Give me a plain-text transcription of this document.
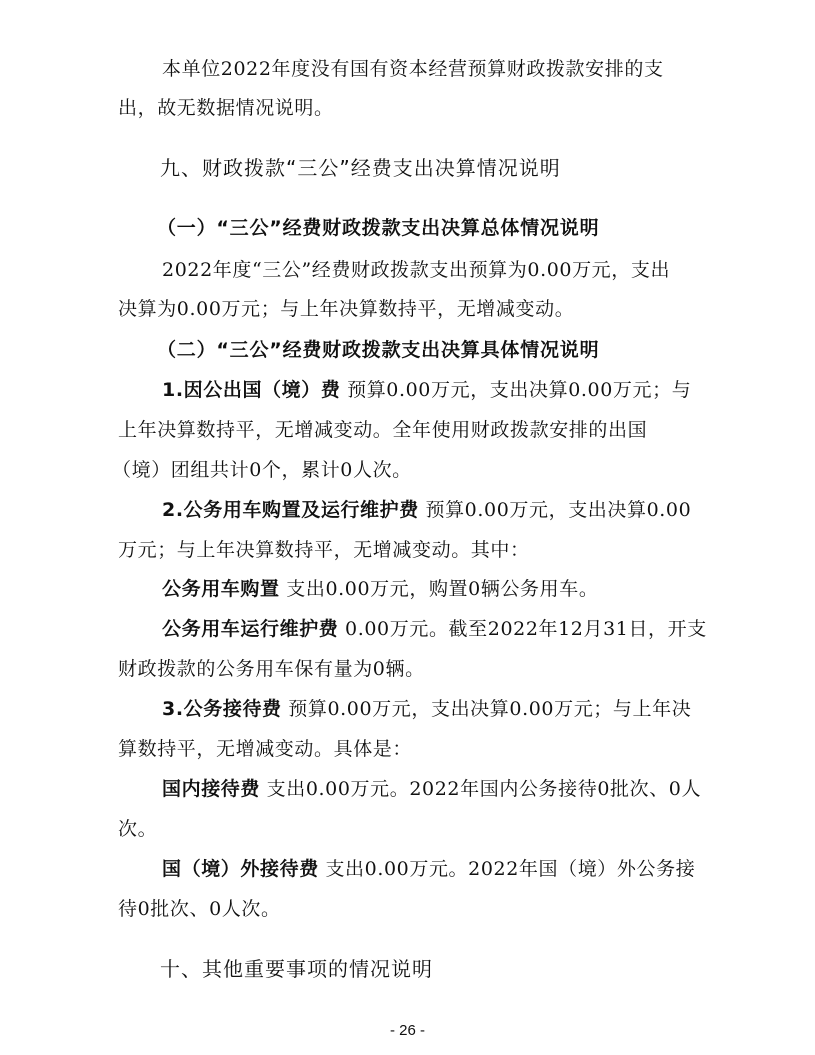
本单位2022年度没有国有资本经营预算财政拨款安排的支
出，故无数据情况说明。
九、财政拨款“三公”经费支出决算情况说明
（一）“三公”经费财政拨款支出决算总体情况说明
2022年度“三公”经费财政拨款支出预算为0.00万元，支出
决算为0.00万元；与上年决算数持平，无增减变动。
（二）“三公”经费财政拨款支出决算具体情况说明
1.因公出国（境）费 预算0.00万元，支出决算0.00万元；与
上年决算数持平，无增减变动。全年使用财政拨款安排的出国
（境）团组共计0个，累计0人次。
2.公务用车购置及运行维护费 预算0.00万元，支出决算0.00
万元；与上年决算数持平，无增减变动。其中：
公务用车购置 支出0.00万元，购置0辆公务用车。
公务用车运行维护费 0.00万元。截至2022年12月31日，开支
财政拨款的公务用车保有量为0辆。
3.公务接待费 预算0.00万元，支出决算0.00万元；与上年决
算数持平，无增减变动。具体是：
国内接待费 支出0.00万元。2022年国内公务接待0批次、0人
次。
国（境）外接待费 支出0.00万元。2022年国（境）外公务接
待0批次、0人次。
十、其他重要事项的情况说明
- 26 -
